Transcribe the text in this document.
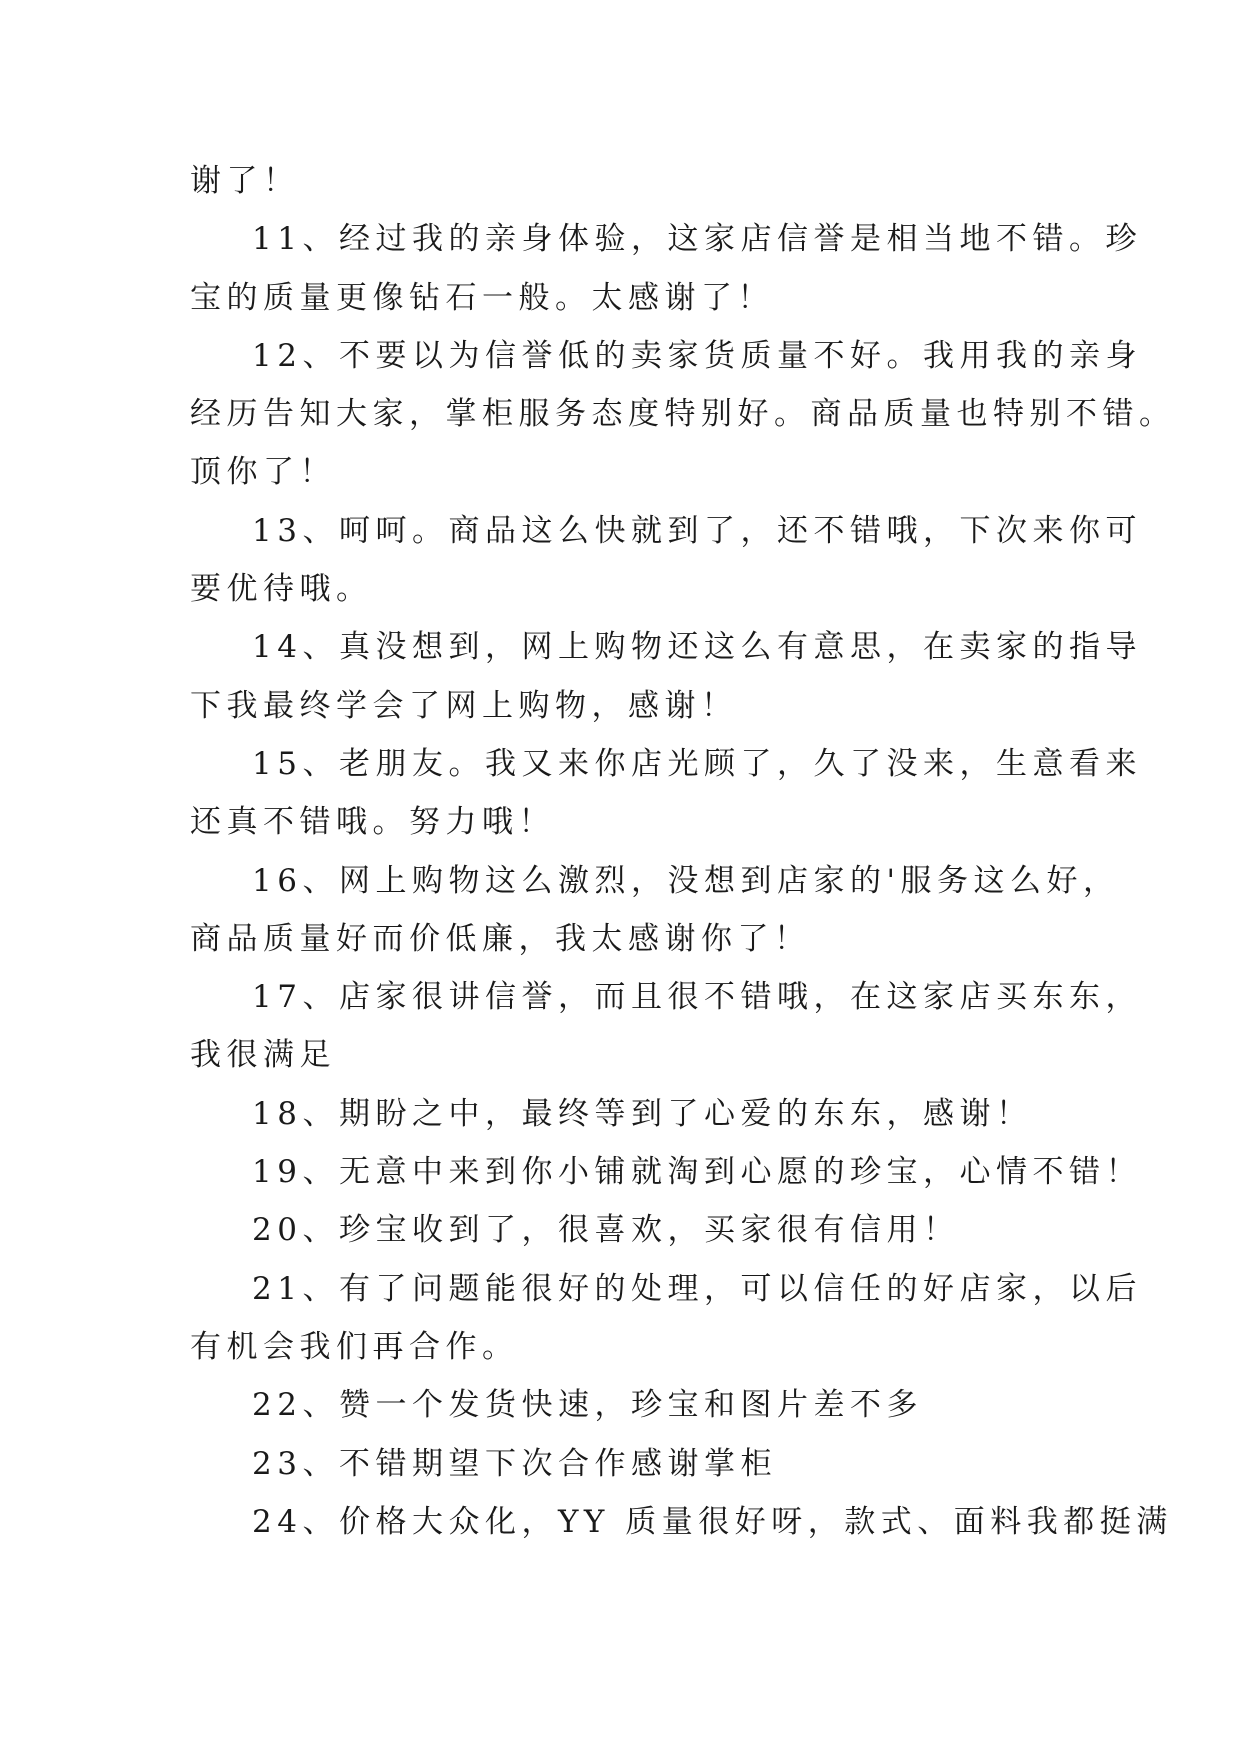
谢了！
11、经过我的亲身体验，这家店信誉是相当地不错。珍
宝的质量更像钻石一般。太感谢了！
12、不要以为信誉低的卖家货质量不好。我用我的亲身
经历告知大家，掌柜服务态度特别好。商品质量也特别不错。
顶你了！
13、呵呵。商品这么快就到了，还不错哦，下次来你可
要优待哦。
14、真没想到，网上购物还这么有意思，在卖家的指导
下我最终学会了网上购物，感谢！
15、老朋友。我又来你店光顾了，久了没来，生意看来
还真不错哦。努力哦！
16、网上购物这么激烈，没想到店家的'服务这么好，
商品质量好而价低廉，我太感谢你了！
17、店家很讲信誉，而且很不错哦，在这家店买东东，
我很满足
18、期盼之中，最终等到了心爱的东东，感谢！
19、无意中来到你小铺就淘到心愿的珍宝，心情不错！
20、珍宝收到了，很喜欢，买家很有信用！
21、有了问题能很好的处理，可以信任的好店家，以后
有机会我们再合作。
22、赞一个发货快速，珍宝和图片差不多
23、不错期望下次合作感谢掌柜
24、价格大众化，YY 质量很好呀，款式、面料我都挺满
